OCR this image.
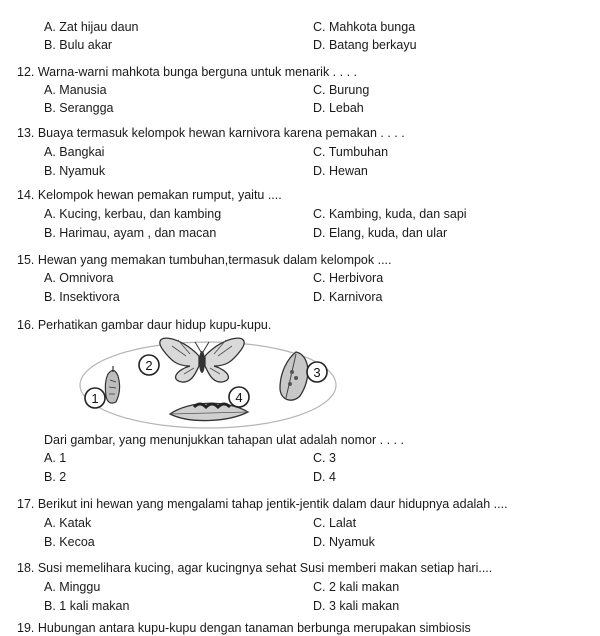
A. Zat hijau daun	C. Mahkota bunga
B. Bulu akar	D. Batang berkayu
12. Warna-warni mahkota bunga berguna untuk menarik . . . .
A. Manusia	C. Burung
B. Serangga	D. Lebah
13. Buaya termasuk kelompok hewan karnivora karena pemakan . . . .
A. Bangkai	C. Tumbuhan
B. Nyamuk	D. Hewan
14. Kelompok hewan pemakan rumput, yaitu ....
A. Kucing, kerbau, dan kambing	C. Kambing, kuda, dan sapi
B. Harimau, ayam , dan macan	D. Elang, kuda, dan ular
15. Hewan yang memakan tumbuhan,termasuk dalam kelompok ....
A. Omnivora	C. Herbivora
B. Insektivora	D. Karnivora
16. Perhatikan gambar daur hidup kupu-kupu.
1
2	3
4
Dari gambar, yang menunjukkan tahapan ulat adalah nomor . . . .
A. 1	C. 3
B. 2	D. 4
17. Berikut ini hewan yang mengalami tahap jentik-jentik dalam daur hidupnya adalah ....
A. Katak	C. Lalat
B. Kecoa	D. Nyamuk
18. Susi memelihara kucing, agar kucingnya sehat Susi memberi makan setiap hari....
A. Minggu	C. 2 kali makan
B. 1 kali makan	D. 3 kali makan
19. Hubungan antara kupu-kupu dengan tanaman berbunga merupakan simbiosis
